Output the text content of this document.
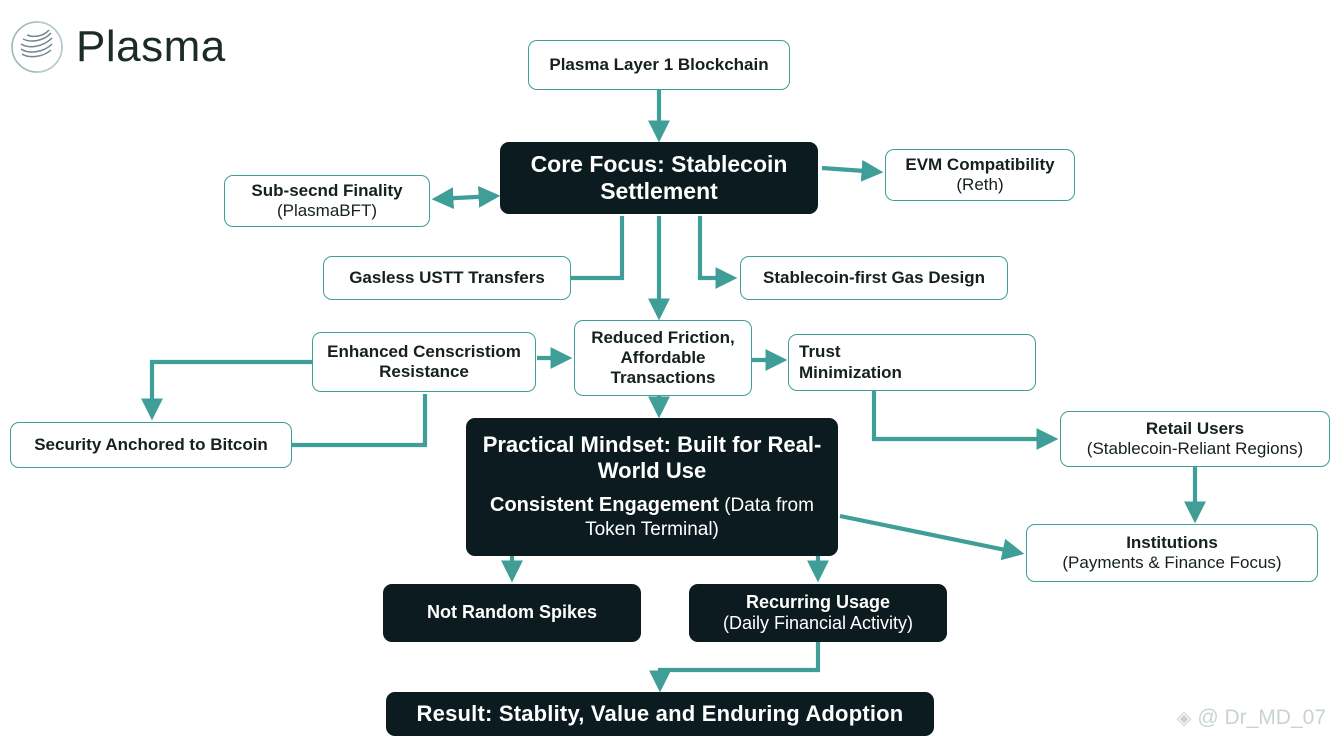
Plasma	Plasma Layer 1 Blockchain
Core Focus: Stablecoin
Settlement
Sub-secnd Finality
(PlasmaBFT)
EVM Compatibility
(Reth)
Gasless USTT Transfers	Stablecoin-first Gas Design
Enhanced Censcristiom
Resistance
Reduced Friction,
Affordable
Transactions
Trust
Minimization
Security Anchored to Bitcoin
Retail Users
(Stablecoin-Reliant Regions)
Institutions
(Payments & Finance Focus)
Practical Mindset: Built for Real-World Use
Consistent Engagement (Data from Token Terminal)
Not Random Spikes
Recurring Usage
(Daily Financial Activity)
Result: Stablity, Value and Enduring Adoption	◈ @ Dr_MD_07
